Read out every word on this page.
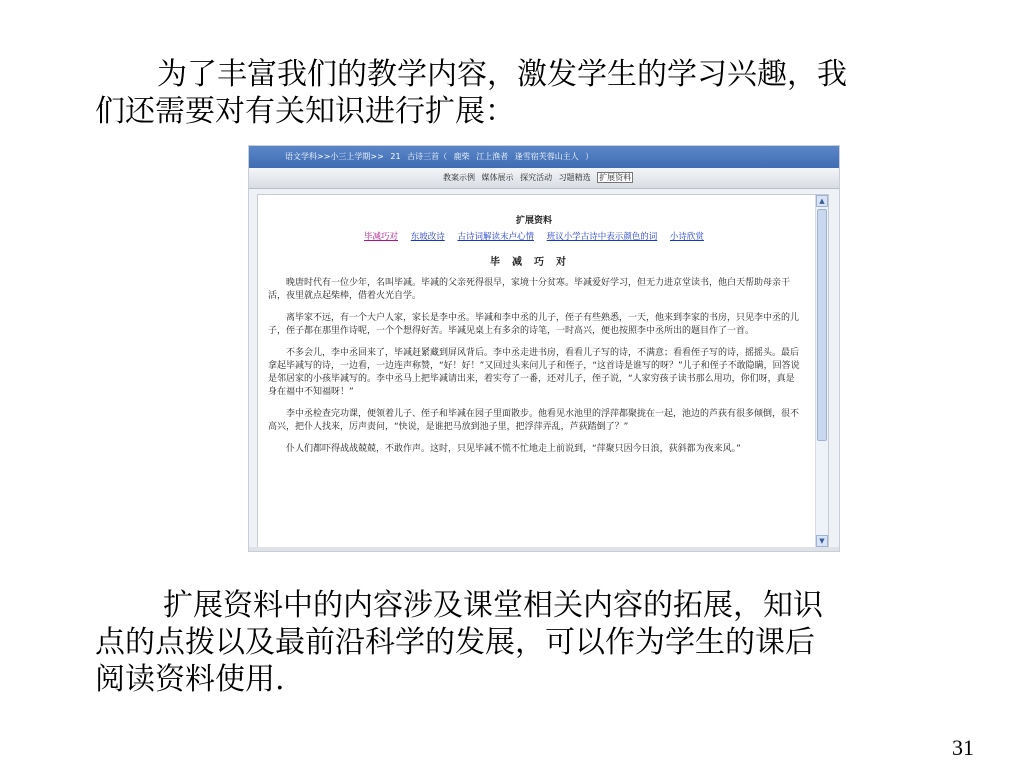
为了丰富我们的教学内容，激发学生的学习兴趣，我
们还需要对有关知识进行扩展：

语文学科>>小三上学期>> 21 古诗三首（ 鹿柴 江上渔者 逢雪宿芙蓉山主人 ）
教案示例 媒体展示 探究活动 习题精选 扩展资料
扩展资料
毕减巧对 东坡改诗 古诗词解读末卢心情 班议小学古诗中表示颜色的词 小诗欣赏
毕减巧对

晚唐时代有一位少年，名叫毕减。毕减的父亲死得很早，家境十分贫寒。毕减爱好学习，但无力进京堂读书，他白天帮助母亲干活，夜里就点起柴棒，借着火光自学。

离毕家不远，有一个大户人家，家长是李中丞。毕减和李中丞的儿子，侄子有些熟悉，一天，他来到李家的书房，只见李中丞的儿子，侄子都在那里作诗呢，一个个想得好苦。毕减见桌上有多余的诗笔，一时高兴，便也按照李中丞所出的题目作了一首。

不多会儿，李中丞回来了，毕减赶紧藏到屏风背后。李中丞走进书房，看看儿子写的诗，不满意；看看侄子写的诗，摇摇头。最后拿起毕减写的诗，一边看，一边连声称赞，“好！好！”又回过头来问儿子和侄子，“这首诗是谁写的呀？”儿子和侄子不敢隐瞒，回答说是邻居家的小孩毕减写的。李中丞马上把毕减请出来，着实夸了一番，还对儿子，侄子说，“人家穷孩子读书那么用功，你们呀，真是身在福中不知福呀！”

李中丞检查完功课，便领着儿子、侄子和毕减在园子里面散步。他看见水池里的浮萍都聚拢在一起，池边的芦荻有很多倾倒，很不高兴，把仆人找来，厉声责问，“快说，是谁把马放到池子里，把浮萍弄乱，芦荻踏倒了？”

仆人们都吓得战战兢兢，不敢作声。这时，只见毕减不慌不忙地走上前说到，“萍聚只因今日浪，荻斜都为夜来风。”

▲
▼

扩展资料中的内容涉及课堂相关内容的拓展，知识
点的点拨以及最前沿科学的发展，可以作为学生的课后
阅读资料使用.

31
